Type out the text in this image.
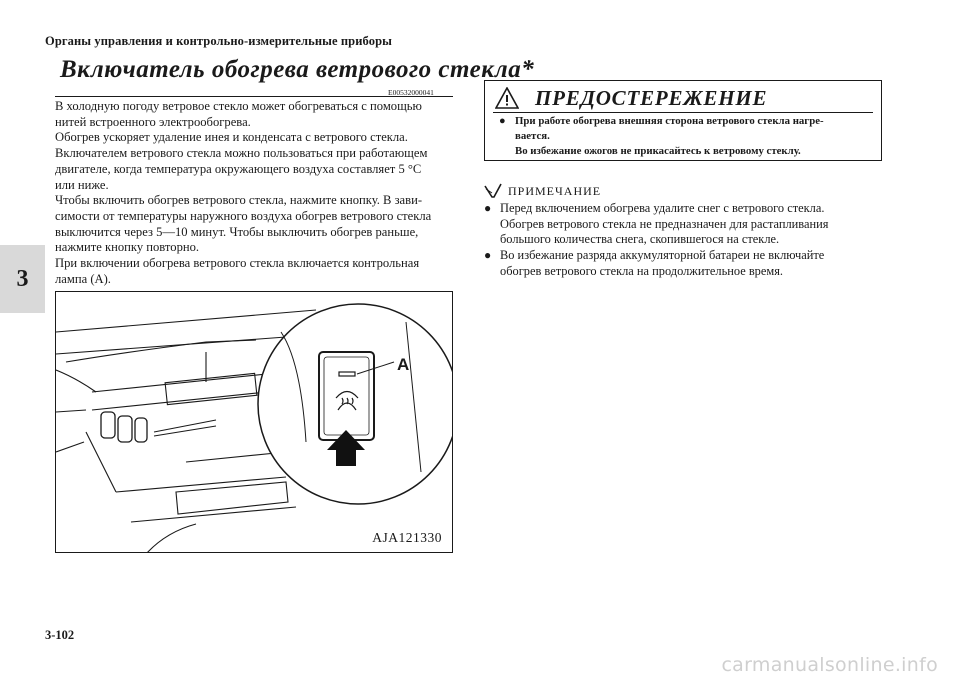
Органы управления и контрольно-измерительные приборы
3
Включатель обогрева ветрового стекла*
E00532000041

В холодную погоду ветровое стекло может обогреваться с помощью

нитей встроенного электрообогрева.

Обогрев ускоряет удаление инея и конденсата с ветрового стекла.

Включателем ветрового стекла можно пользоваться при работающем

двигателе, когда температура окружающего воздуха составляет 5 °C

или ниже.

Чтобы включить обогрев ветрового стекла, нажмите кнопку. В зави-

симости от температуры наружного воздуха обогрев ветрового стекла

выключится через 5—10 минут. Чтобы выключить обогрев раньше,

нажмите кнопку повторно.

При включении обогрева ветрового стекла включается контрольная

лампа (A).

A
AJA121330
ПРЕДОСТЕРЕЖЕНИЕ
● При работе обогрева внешняя сторона ветрового стекла нагре-
вается.
Во избежание ожогов не прикасайтесь к ветровому стеклу.
ПРИМЕЧАНИЕ
● Перед включением обогрева удалите снег с ветрового стекла.
Обогрев ветрового стекла не предназначен для растапливания
большого количества снега, скопившегося на стекле.
● Во избежание разряда аккумуляторной батареи не включайте
обогрев ветрового стекла на продолжительное время.
3-102
carmanualsonline.info
